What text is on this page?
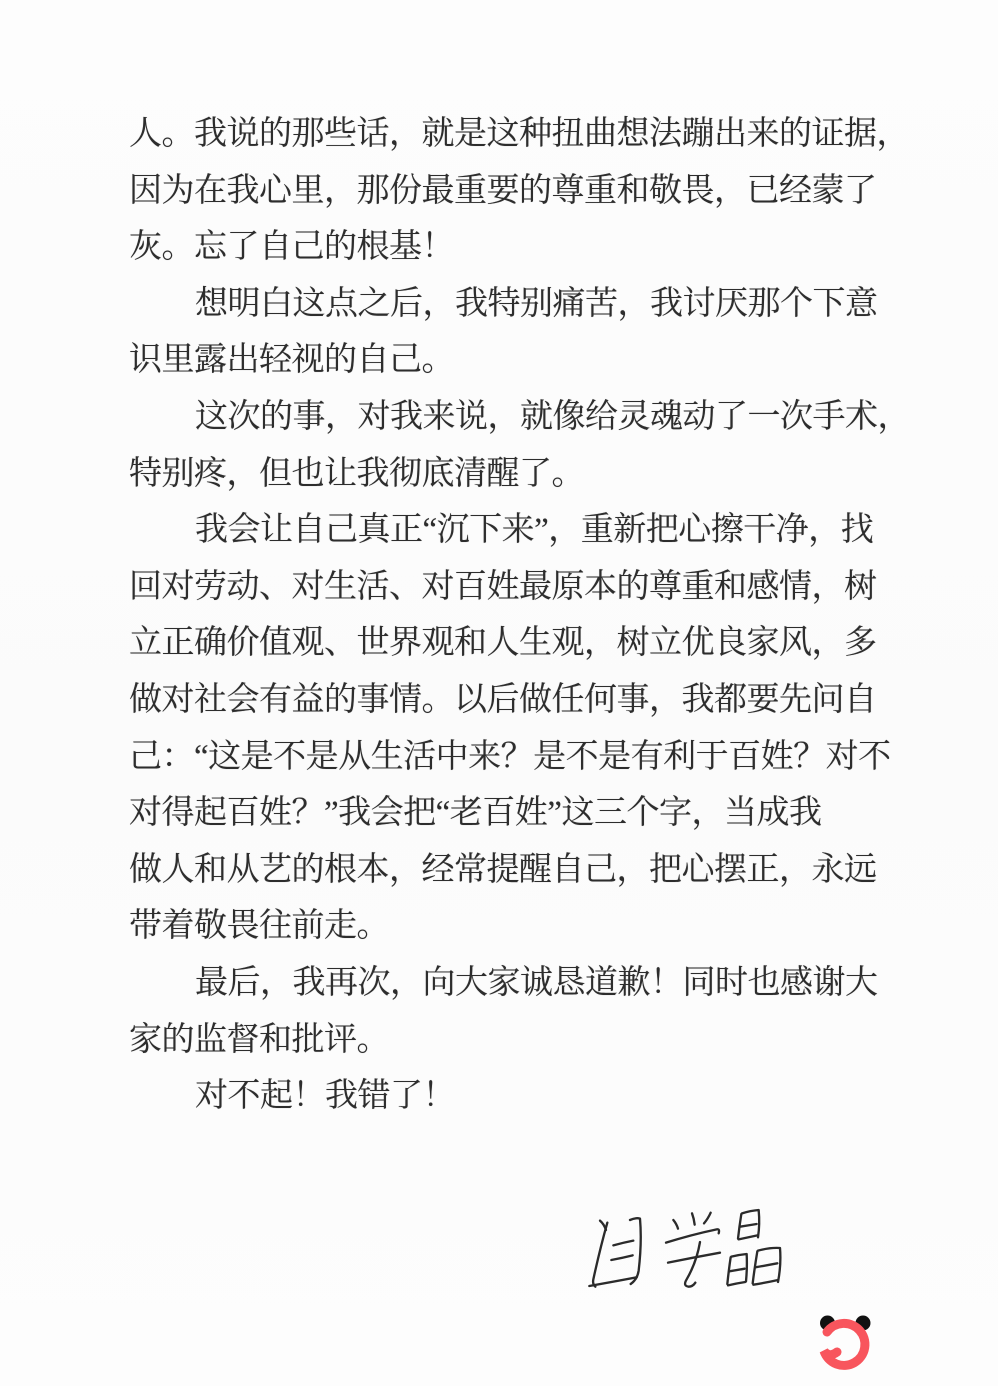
人。我说的那些话，就是这种扭曲想法蹦出来的证据，

因为在我心里，那份最重要的尊重和敬畏，已经蒙了

灰。忘了自己的根基！

想明白这点之后，我特别痛苦，我讨厌那个下意

识里露出轻视的自己。

这次的事，对我来说，就像给灵魂动了一次手术，

特别疼，但也让我彻底清醒了。

我会让自己真正“沉下来”，重新把心擦干净，找

回对劳动、对生活、对百姓最原本的尊重和感情，树

立正确价值观、世界观和人生观，树立优良家风，多

做对社会有益的事情。以后做任何事，我都要先问自

己：“这是不是从生活中来？是不是有利于百姓？对不

对得起百姓？”我会把“老百姓”这三个字，当成我

做人和从艺的根本，经常提醒自己，把心摆正，永远

带着敬畏往前走。

最后，我再次，向大家诚恳道歉！同时也感谢大

家的监督和批评。

对不起！我错了！
